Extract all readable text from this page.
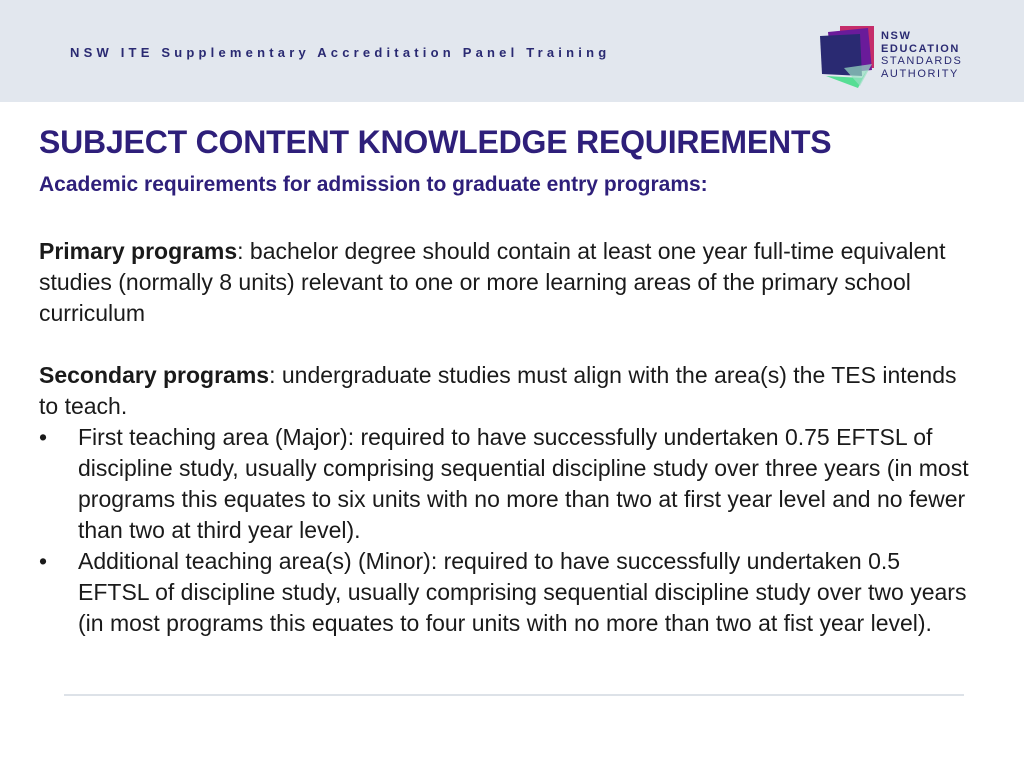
NSW ITE Supplementary Accreditation Panel Training
NSW
EDUCATION
STANDARDS
AUTHORITY
SUBJECT CONTENT KNOWLEDGE REQUIREMENTS
Academic requirements for admission to graduate entry programs:

Primary programs: bachelor degree should contain at least one year full-time equivalent studies (normally 8 units) relevant to one or more learning areas of the primary school curriculum

Secondary programs: undergraduate studies must align with the area(s) the TES intends to teach.

• First teaching area (Major): required to have successfully undertaken 0.75 EFTSL of discipline study, usually comprising sequential discipline study over three years (in most programs this equates to six units with no more than two at first year level and no fewer than two at third year level).
• Additional teaching area(s) (Minor): required to have successfully undertaken 0.5 EFTSL of discipline study, usually comprising sequential discipline study over two years (in most programs this equates to four units with no more than two at fist year level).
